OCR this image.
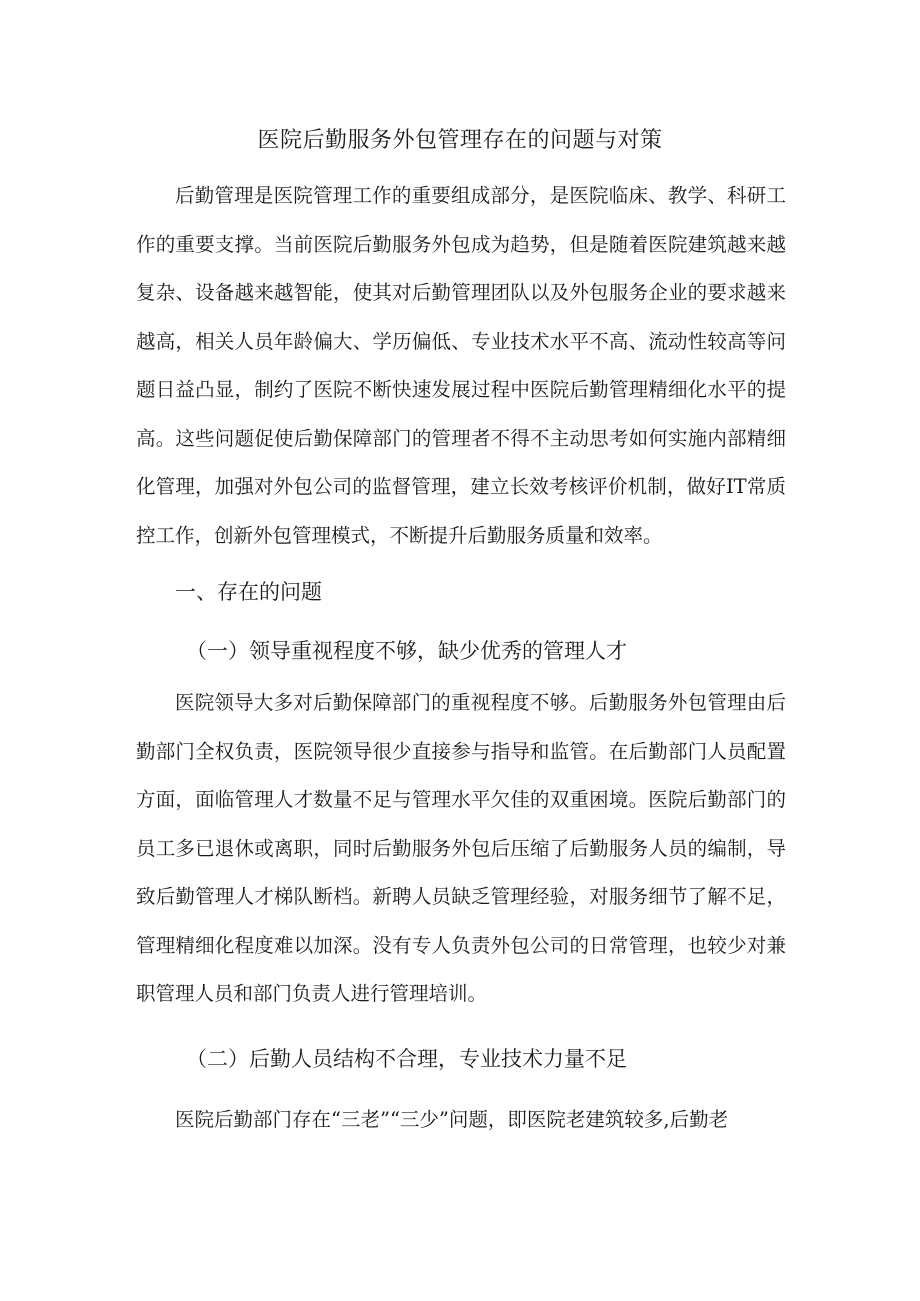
医院后勤服务外包管理存在的问题与对策

后勤管理是医院管理工作的重要组成部分，是医院临床、教学、科研工作的重要支撑。当前医院后勤服务外包成为趋势，但是随着医院建筑越来越复杂、设备越来越智能，使其对后勤管理团队以及外包服务企业的要求越来越高，相关人员年龄偏大、学历偏低、专业技术水平不高、流动性较高等问题日益凸显，制约了医院不断快速发展过程中医院后勤管理精细化水平的提高。这些问题促使后勤保障部门的管理者不得不主动思考如何实施内部精细化管理，加强对外包公司的监督管理，建立长效考核评价机制，做好IT常质控工作，创新外包管理模式，不断提升后勤服务质量和效率。

一、存在的问题
（一）领导重视程度不够，缺少优秀的管理人才

医院领导大多对后勤保障部门的重视程度不够。后勤服务外包管理由后勤部门全权负责，医院领导很少直接参与指导和监管。在后勤部门人员配置方面，面临管理人才数量不足与管理水平欠佳的双重困境。医院后勤部门的员工多已退休或离职，同时后勤服务外包后压缩了后勤服务人员的编制，导致后勤管理人才梯队断档。新聘人员缺乏管理经验，对服务细节了解不足，管理精细化程度难以加深。没有专人负责外包公司的日常管理，也较少对兼职管理人员和部门负责人进行管理培训。

（二）后勤人员结构不合理，专业技术力量不足

医院后勤部门存在“三老”“三少”问题，即医院老建筑较多,后勤老
